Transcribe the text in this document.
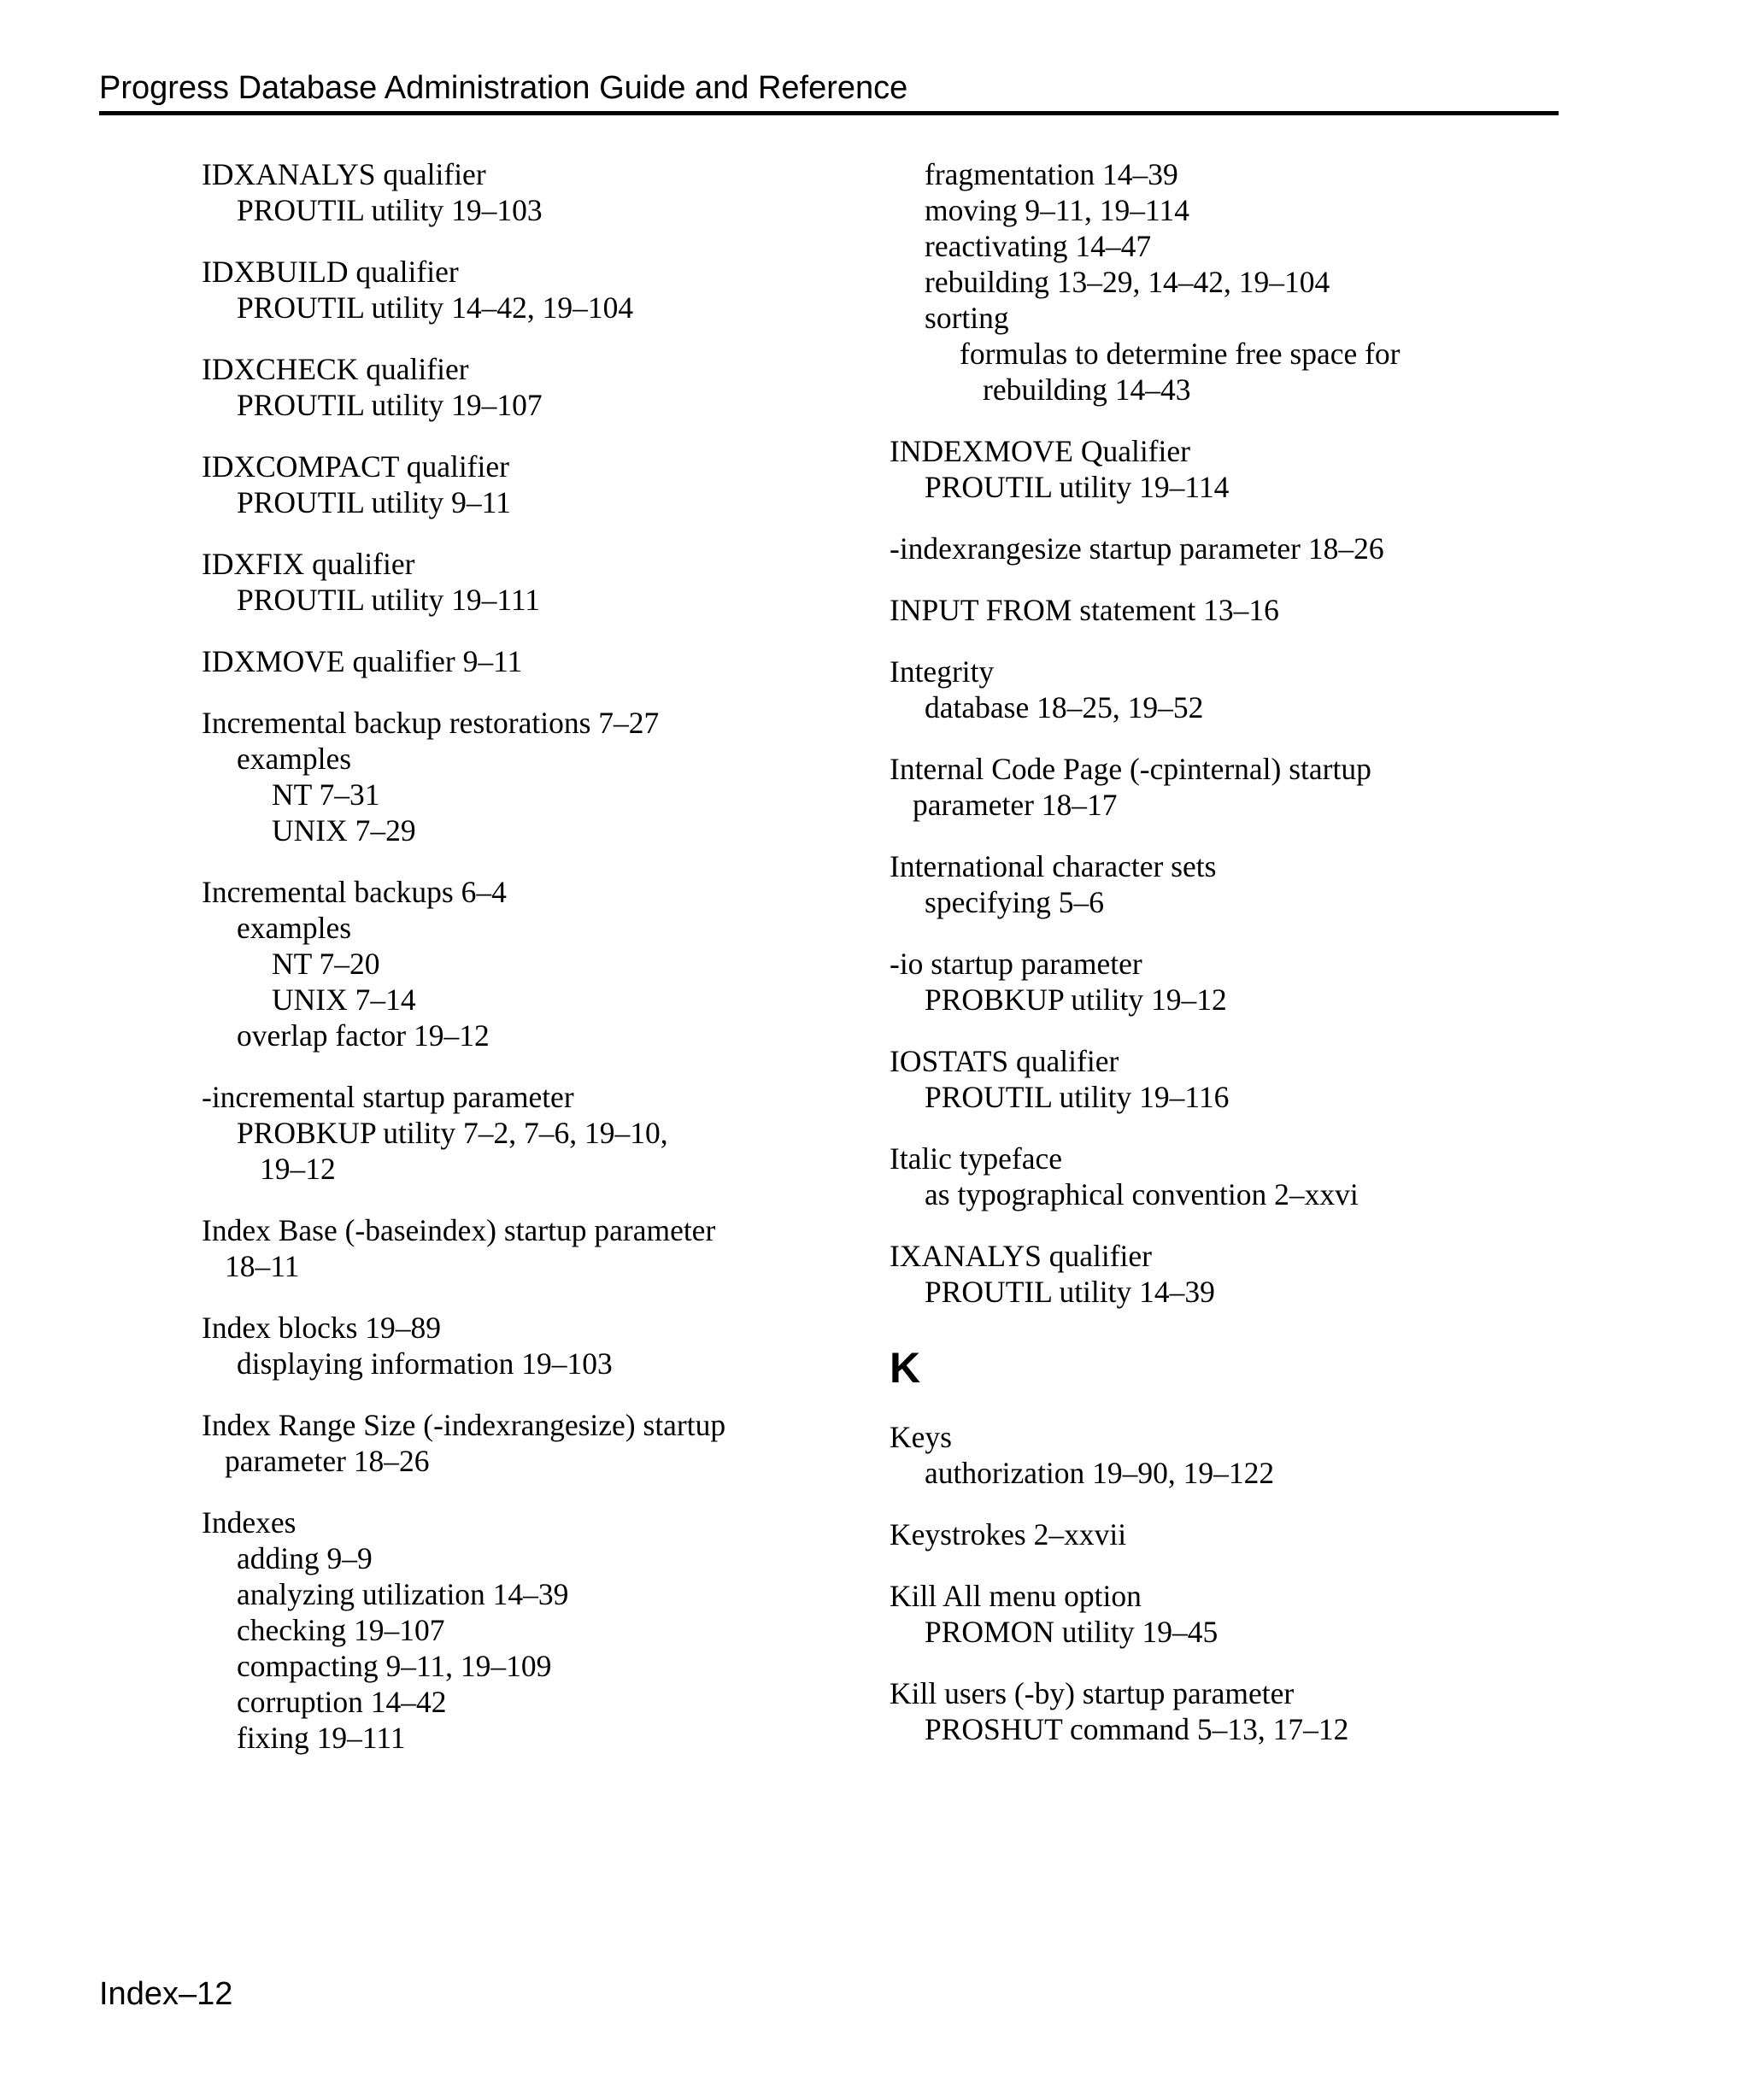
Progress Database Administration Guide and Reference
IDXANALYS qualifier
PROUTIL utility 19–103
IDXBUILD qualifier
PROUTIL utility 14–42, 19–104
IDXCHECK qualifier
PROUTIL utility 19–107
IDXCOMPACT qualifier
PROUTIL utility 9–11
IDXFIX qualifier
PROUTIL utility 19–111
IDXMOVE qualifier 9–11
Incremental backup restorations 7–27
examples
NT 7–31
UNIX 7–29
Incremental backups 6–4
examples
NT 7–20
UNIX 7–14
overlap factor 19–12
-incremental startup parameter
PROBKUP utility 7–2, 7–6, 19–10,
19–12
Index Base (-baseindex) startup parameter
18–11
Index blocks 19–89
displaying information 19–103
Index Range Size (-indexrangesize) startup
parameter 18–26
Indexes
adding 9–9
analyzing utilization 14–39
checking 19–107
compacting 9–11, 19–109
corruption 14–42
fixing 19–111
fragmentation 14–39
moving 9–11, 19–114
reactivating 14–47
rebuilding 13–29, 14–42, 19–104
sorting
formulas to determine free space for
rebuilding 14–43
INDEXMOVE Qualifier
PROUTIL utility 19–114
-indexrangesize startup parameter 18–26
INPUT FROM statement 13–16
Integrity
database 18–25, 19–52
Internal Code Page (-cpinternal) startup
parameter 18–17
International character sets
specifying 5–6
-io startup parameter
PROBKUP utility 19–12
IOSTATS qualifier
PROUTIL utility 19–116
Italic typeface
as typographical convention 2–xxvi
IXANALYS qualifier
PROUTIL utility 14–39
K
Keys
authorization 19–90, 19–122
Keystrokes 2–xxvii
Kill All menu option
PROMON utility 19–45
Kill users (-by) startup parameter
PROSHUT command 5–13, 17–12
Index–12
